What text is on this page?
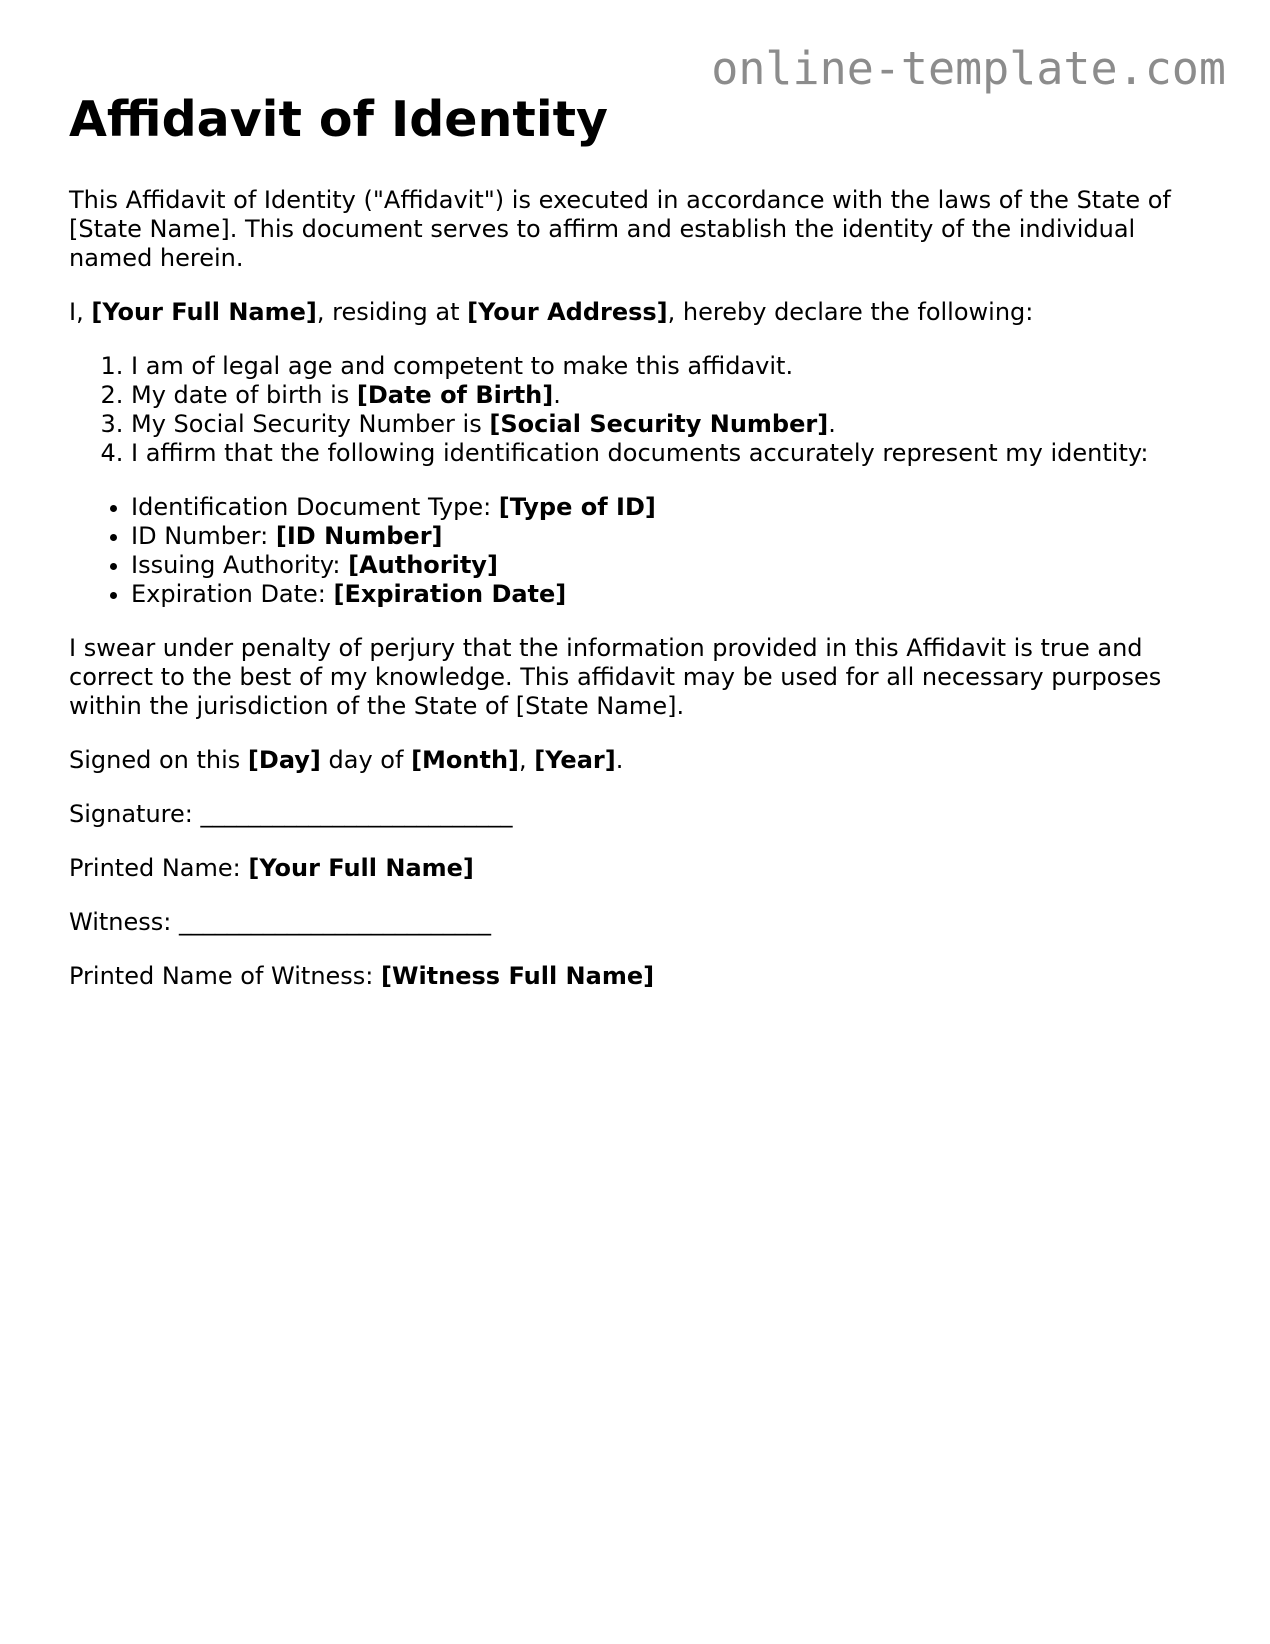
online-template.com
Affidavit of Identity

This Affidavit of Identity ("Affidavit") is executed in accordance with the laws of the State of [State Name]. This document serves to affirm and establish the identity of the individual named herein.

I, [Your Full Name], residing at [Your Address], hereby declare the following:

1. I am of legal age and competent to make this affidavit.
2. My date of birth is [Date of Birth].
3. My Social Security Number is [Social Security Number].
4. I affirm that the following identification documents accurately represent my identity:
• Identification Document Type: [Type of ID]
• ID Number: [ID Number]
• Issuing Authority: [Authority]
• Expiration Date: [Expiration Date]

I swear under penalty of perjury that the information provided in this Affidavit is true and correct to the best of my knowledge. This affidavit may be used for all necessary purposes within the jurisdiction of the State of [State Name].

Signed on this [Day] day of [Month], [Year].

Signature: __________________________

Printed Name: [Your Full Name]

Witness: __________________________

Printed Name of Witness: [Witness Full Name]
